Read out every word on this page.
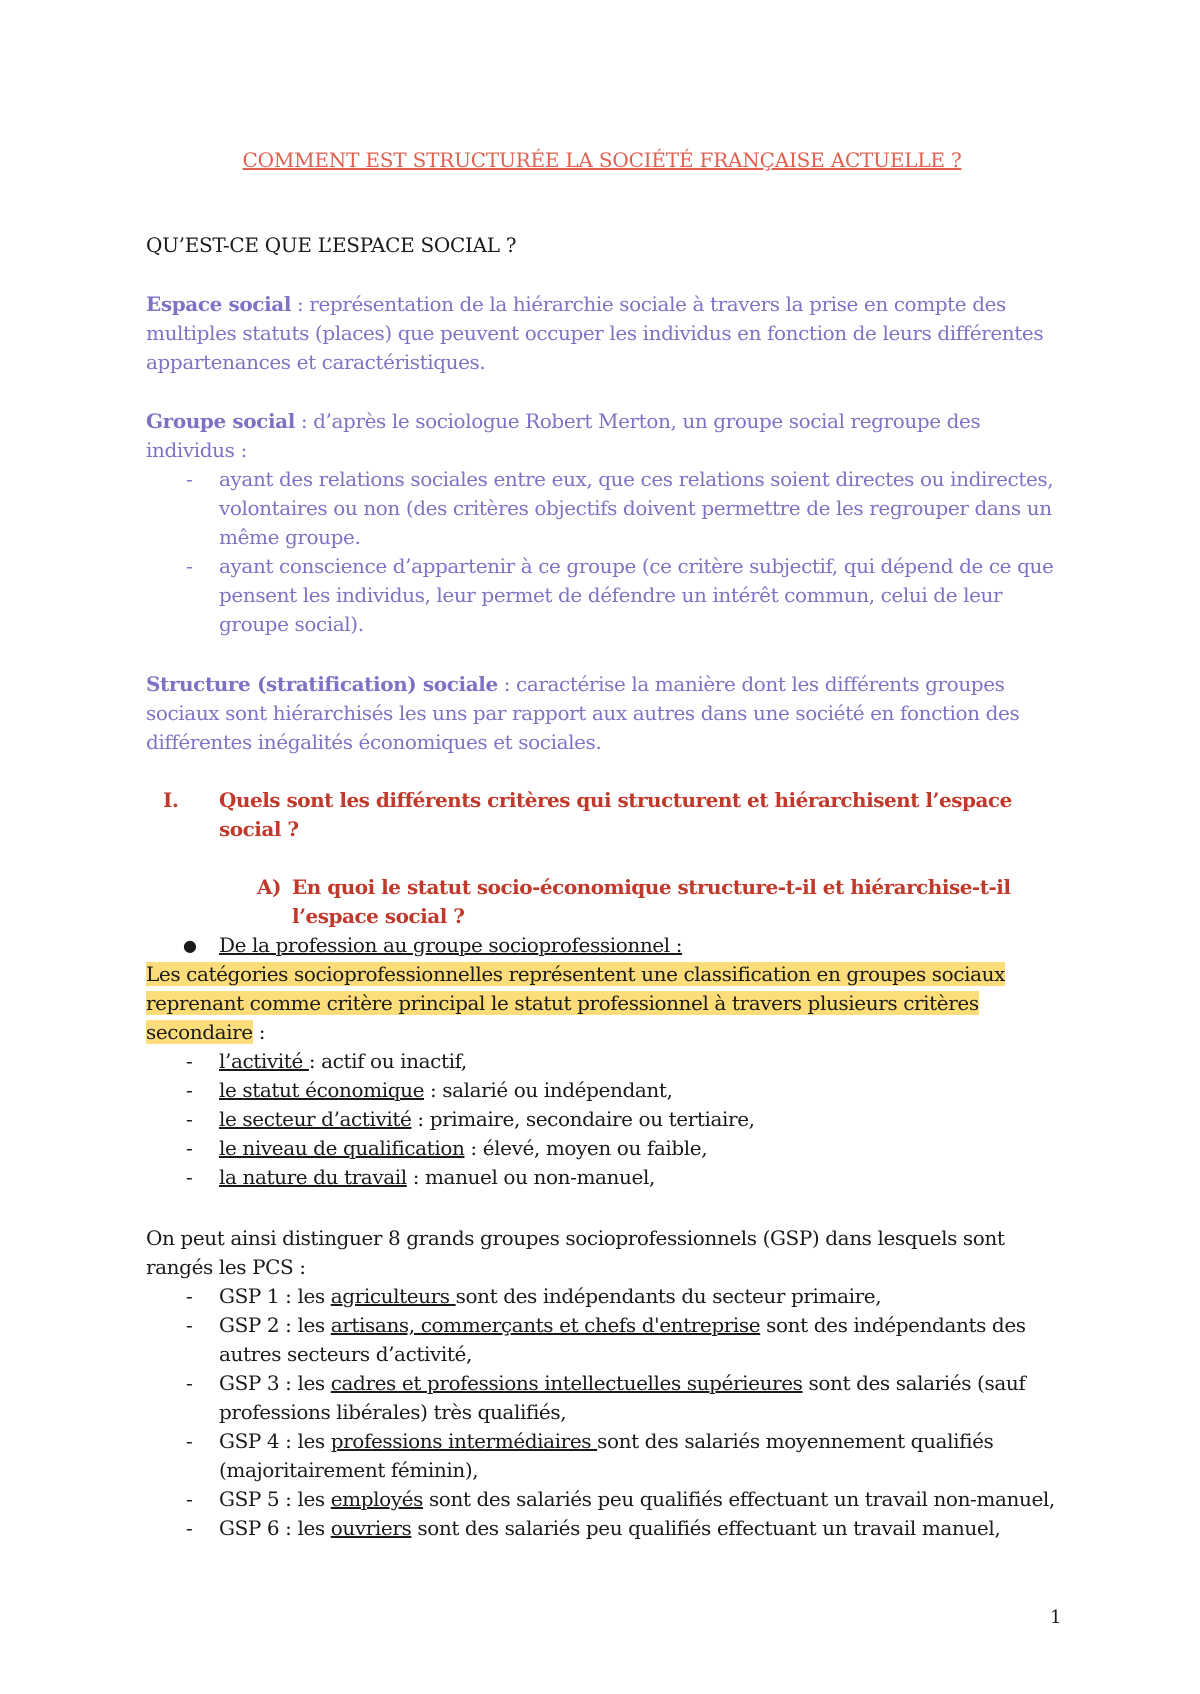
COMMENT EST STRUCTURÉE LA SOCIÉTÉ FRANÇAISE ACTUELLE ?
QU’EST-CE QUE L’ESPACE SOCIAL ?
Espace social : représentation de la hiérarchie sociale à travers la prise en compte des multiples statuts (places) que peuvent occuper les individus en fonction de leurs différentes appartenances et caractéristiques.
Groupe social : d’après le sociologue Robert Merton, un groupe social regroupe des individus :
- ayant des relations sociales entre eux, que ces relations soient directes ou indirectes, volontaires ou non (des critères objectifs doivent permettre de les regrouper dans un même groupe.
- ayant conscience d’appartenir à ce groupe (ce critère subjectif, qui dépend de ce que pensent les individus, leur permet de défendre un intérêt commun, celui de leur groupe social).
Structure (stratification) sociale : caractérise la manière dont les différents groupes sociaux sont hiérarchisés les uns par rapport aux autres dans une société en fonction des différentes inégalités économiques et sociales.
I. Quels sont les différents critères qui structurent et hiérarchisent l’espace social ?
A) En quoi le statut socio-économique structure-t-il et hiérarchise-t-il l’espace social ?
● De la profession au groupe socioprofessionnel :
Les catégories socioprofessionnelles représentent une classification en groupes sociaux reprenant comme critère principal le statut professionnel à travers plusieurs critères secondaire :
- l’activité : actif ou inactif,
- le statut économique : salarié ou indépendant,
- le secteur d’activité : primaire, secondaire ou tertiaire,
- le niveau de qualification : élevé, moyen ou faible,
- la nature du travail : manuel ou non-manuel,
On peut ainsi distinguer 8 grands groupes socioprofessionnels (GSP) dans lesquels sont rangés les PCS :
- GSP 1 : les agriculteurs sont des indépendants du secteur primaire,
- GSP 2 : les artisans, commerçants et chefs d'entreprise sont des indépendants des autres secteurs d’activité,
- GSP 3 : les cadres et professions intellectuelles supérieures sont des salariés (sauf professions libérales) très qualifiés,
- GSP 4 : les professions intermédiaires sont des salariés moyennement qualifiés (majoritairement féminin),
- GSP 5 : les employés sont des salariés peu qualifiés effectuant un travail non-manuel,
- GSP 6 : les ouvriers sont des salariés peu qualifiés effectuant un travail manuel,
1
